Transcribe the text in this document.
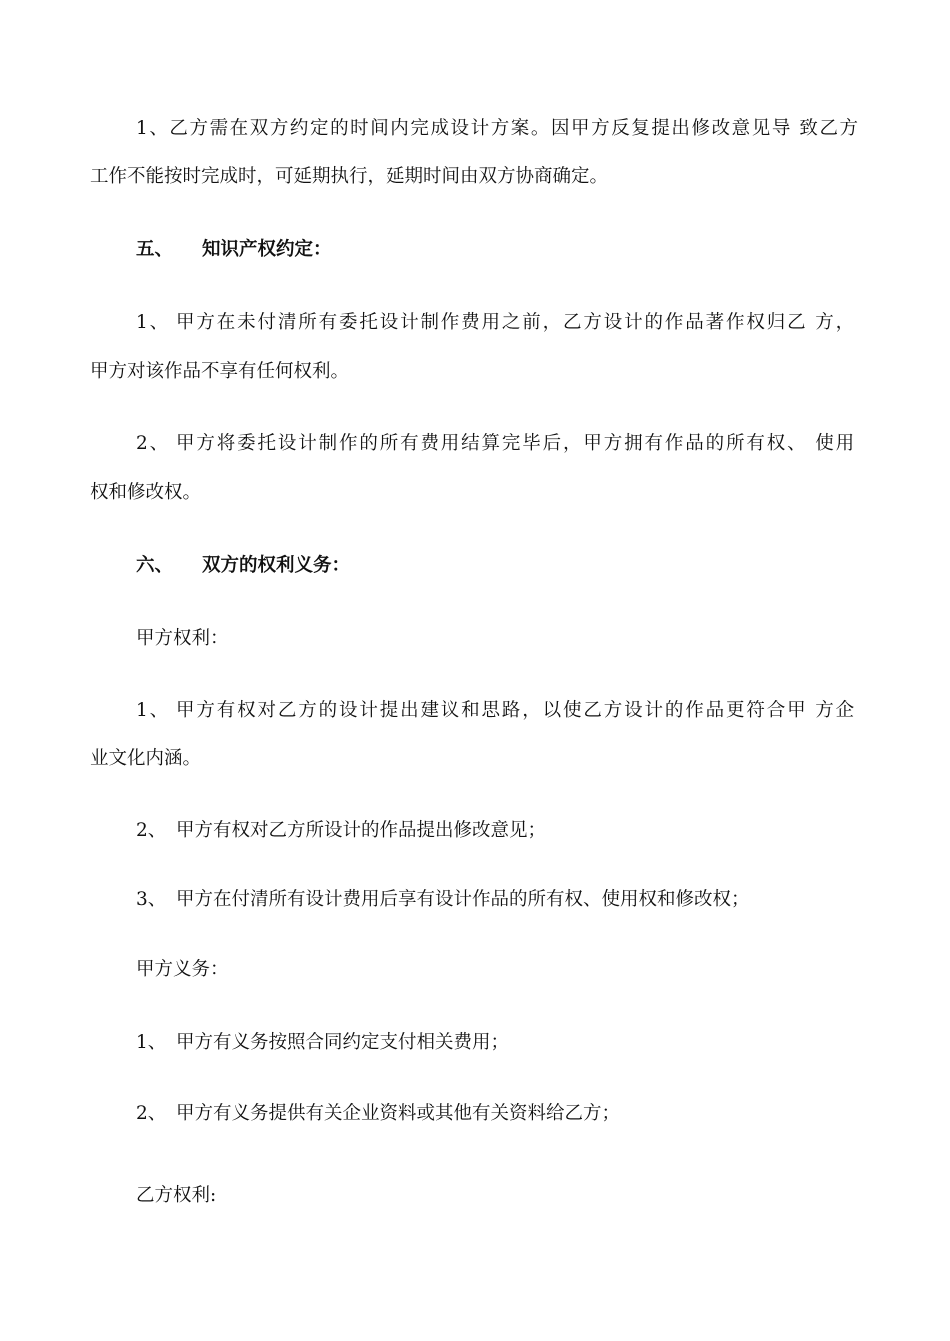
1、乙方需在双方约定的时间内完成设计方案。因甲方反复提出修改意见导 致乙方
工作不能按时完成时，可延期执行，延期时间由双方协商确定。
五、 知识产权约定：
1、 甲方在未付清所有委托设计制作费用之前，乙方设计的作品著作权归乙 方，
甲方对该作品不享有任何权利。
2、 甲方将委托设计制作的所有费用结算完毕后，甲方拥有作品的所有权、 使用
权和修改权。
六、 双方的权利义务：
甲方权利：
1、 甲方有权对乙方的设计提出建议和思路，以使乙方设计的作品更符合甲 方企
业文化内涵。
2、 甲方有权对乙方所设计的作品提出修改意见；
3、 甲方在付清所有设计费用后享有设计作品的所有权、使用权和修改权；
甲方义务：
1、 甲方有义务按照合同约定支付相关费用；
2、 甲方有义务提供有关企业资料或其他有关资料给乙方；
乙方权利:
